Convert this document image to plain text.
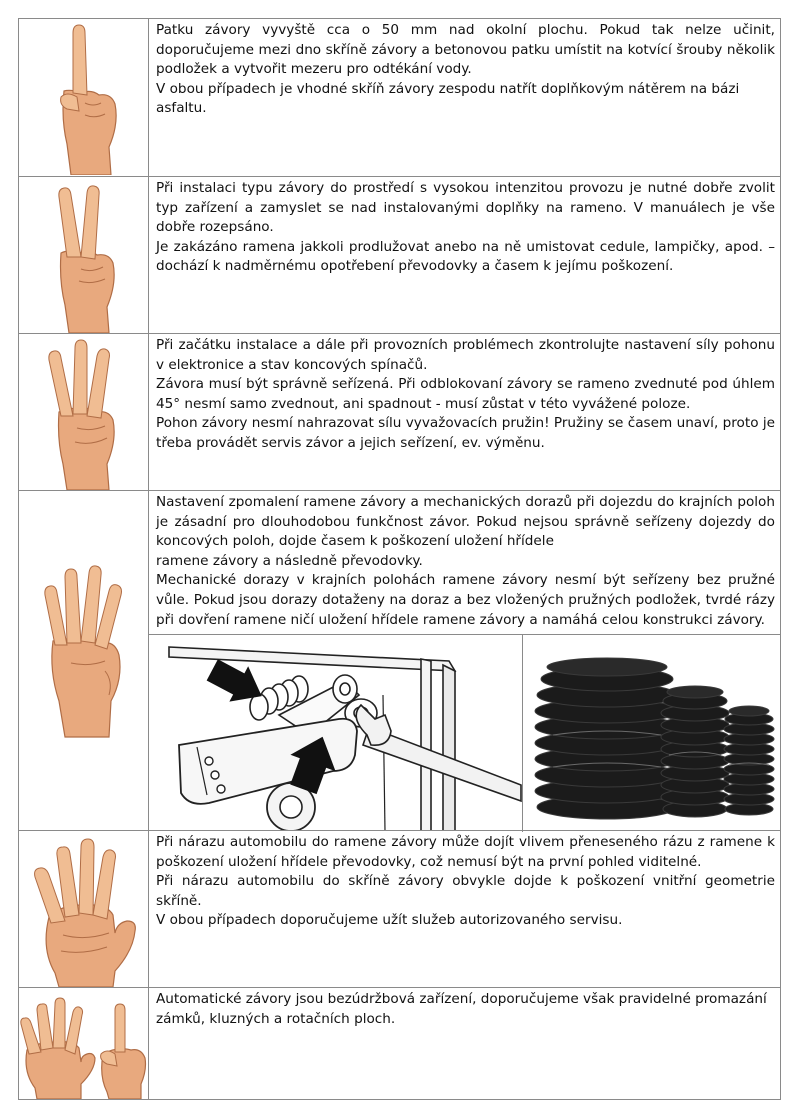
Patku závory vyvyště cca o 50 mm nad okolní plochu. Pokud tak nelze učinit, doporučujeme mezi dno skříně závory a betonovou patku umístit na kotvící šrouby několik podložek a vytvořit mezeru pro odtékání vody.

V obou případech je vhodné skříň závory zespodu natřít doplňkovým nátěrem na bázi asfaltu.

Při instalaci typu závory do prostředí s vysokou intenzitou provozu je nutné dobře zvolit typ zařízení a zamyslet se nad instalovanými doplňky na rameno. V manuálech je vše dobře rozepsáno.

Je zakázáno ramena jakkoli prodlužovat anebo na ně umistovat cedule, lampičky, apod. – dochází k nadměrnému opotřebení převodovky a časem k jejímu poškození.

Při začátku instalace a dále při provozních problémech zkontrolujte nastavení síly pohonu v elektronice a stav koncových spínačů.

Závora musí být správně seřízená. Při odblokovaní závory se rameno zvednuté pod úhlem 45° nesmí samo zvednout, ani spadnout - musí zůstat v této vyvážené poloze.

Pohon závory nesmí nahrazovat sílu vyvažovacích pružin! Pružiny se časem unaví, proto je třeba provádět servis závor a jejich seřízení, ev. výměnu.

Nastavení zpomalení ramene závory a mechanických dorazů při dojezdu do krajních poloh je zásadní pro dlouhodobou funkčnost závor. Pokud nejsou správně seřízeny dojezdy do koncových poloh, dojde časem k poškození uložení hřídele

ramene závory a následně převodovky.

Mechanické dorazy v krajních polohách ramene závory nesmí být seřízeny bez pružné vůle. Pokud jsou dorazy dotaženy na doraz a bez vložených pružných podložek, tvrdé rázy při dovření ramene ničí uložení hřídele ramene závory a namáhá celou konstrukci závory.

Při nárazu automobilu do ramene závory může dojít vlivem přeneseného rázu z ramene k poškození uložení hřídele převodovky, což nemusí být na první pohled viditelné.

Při nárazu automobilu do skříně závory obvykle dojde k poškození vnitřní geometrie skříně.

V obou případech doporučujeme užít služeb autorizovaného servisu.

Automatické závory jsou bezúdržbová zařízení, doporučujeme však pravidelné promazání zámků, kluzných a rotačních ploch.
